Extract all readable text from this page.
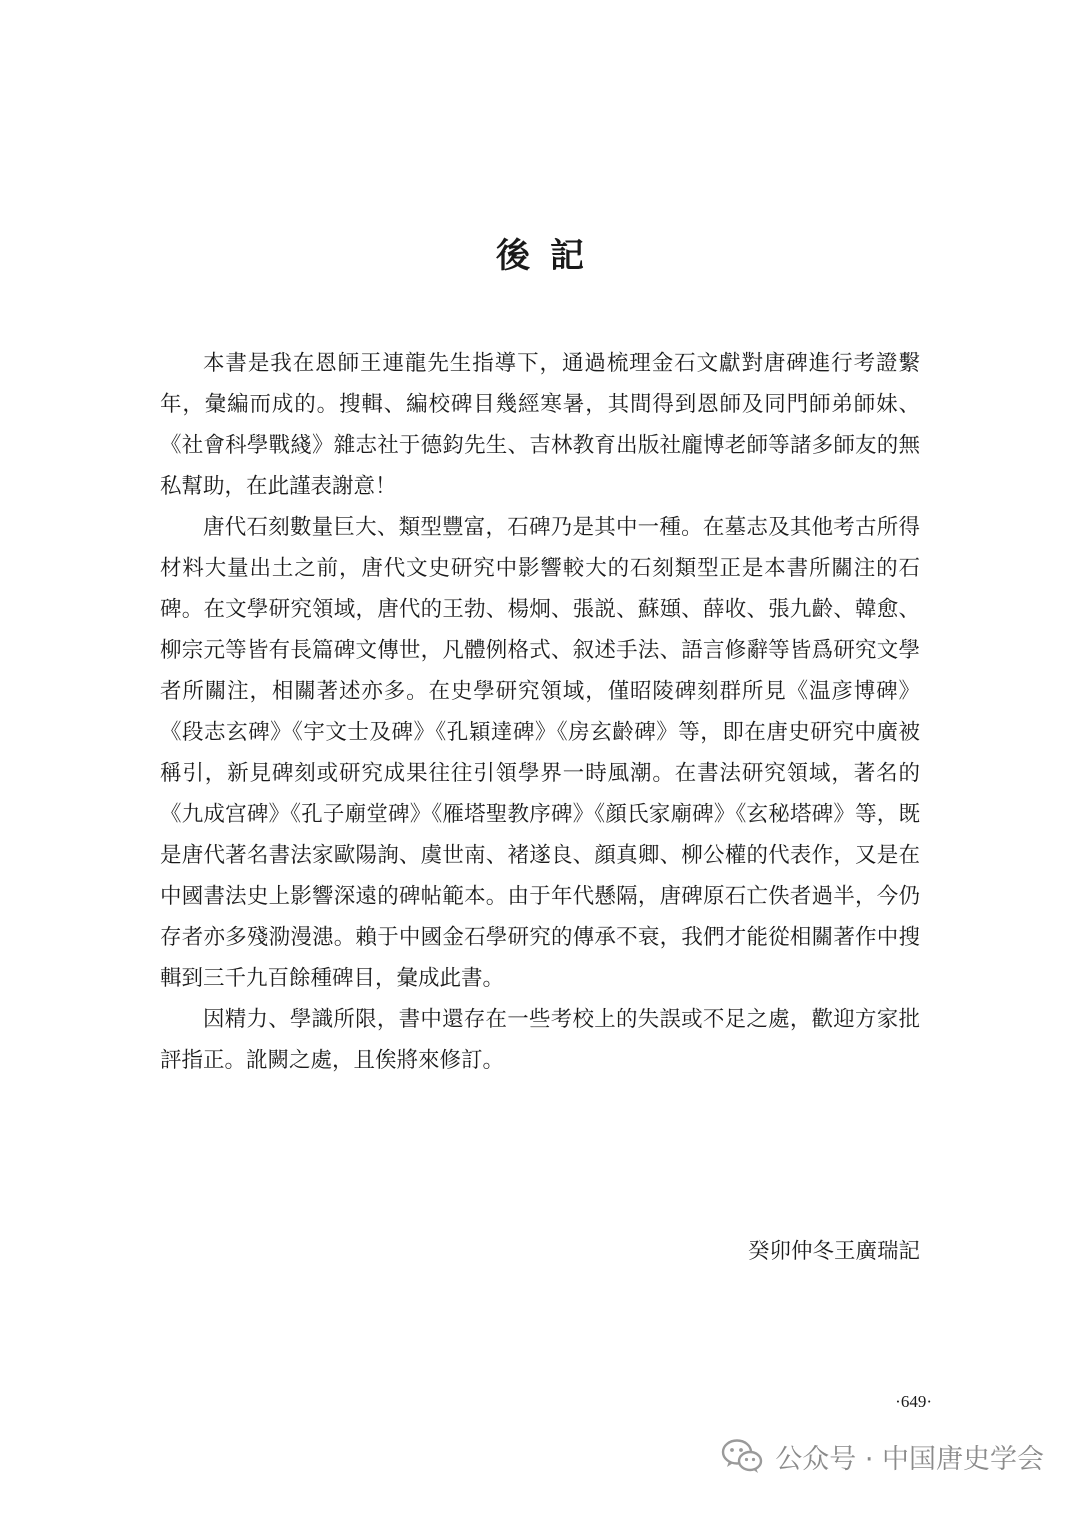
後記

本書是我在恩師王連龍先生指導下，通過梳理金石文獻對唐碑進行考證繫年，彙編而成的。搜輯、編校碑目幾經寒暑，其間得到恩師及同門師弟師妹、《社會科學戰綫》雜志社于德鈞先生、吉林教育出版社龐博老師等諸多師友的無私幫助，在此謹表謝意！

唐代石刻數量巨大、類型豐富，石碑乃是其中一種。在墓志及其他考古所得材料大量出土之前，唐代文史研究中影響較大的石刻類型正是本書所關注的石碑。在文學研究領域，唐代的王勃、楊炯、張説、蘇頲、薛收、張九齡、韓愈、柳宗元等皆有長篇碑文傳世，凡體例格式、叙述手法、語言修辭等皆爲研究文學者所關注，相關著述亦多。在史學研究領域，僅昭陵碑刻群所見《温彦博碑》《段志玄碑》《宇文士及碑》《孔穎達碑》《房玄齡碑》等，即在唐史研究中廣被稱引，新見碑刻或研究成果往往引領學界一時風潮。在書法研究領域，著名的《九成宫碑》《孔子廟堂碑》《雁塔聖教序碑》《顔氏家廟碑》《玄秘塔碑》等，既是唐代著名書法家歐陽詢、虞世南、褚遂良、顔真卿、柳公權的代表作，又是在中國書法史上影響深遠的碑帖範本。由于年代懸隔，唐碑原石亡佚者過半，今仍存者亦多殘泐漫漶。賴于中國金石學研究的傳承不衰，我們才能從相關著作中搜輯到三千九百餘種碑目，彙成此書。

因精力、學識所限，書中還存在一些考校上的失誤或不足之處，歡迎方家批評指正。訛闕之處，且俟將來修訂。

癸卯仲冬王廣瑞記
·649·
公众号 · 中国唐史学会
